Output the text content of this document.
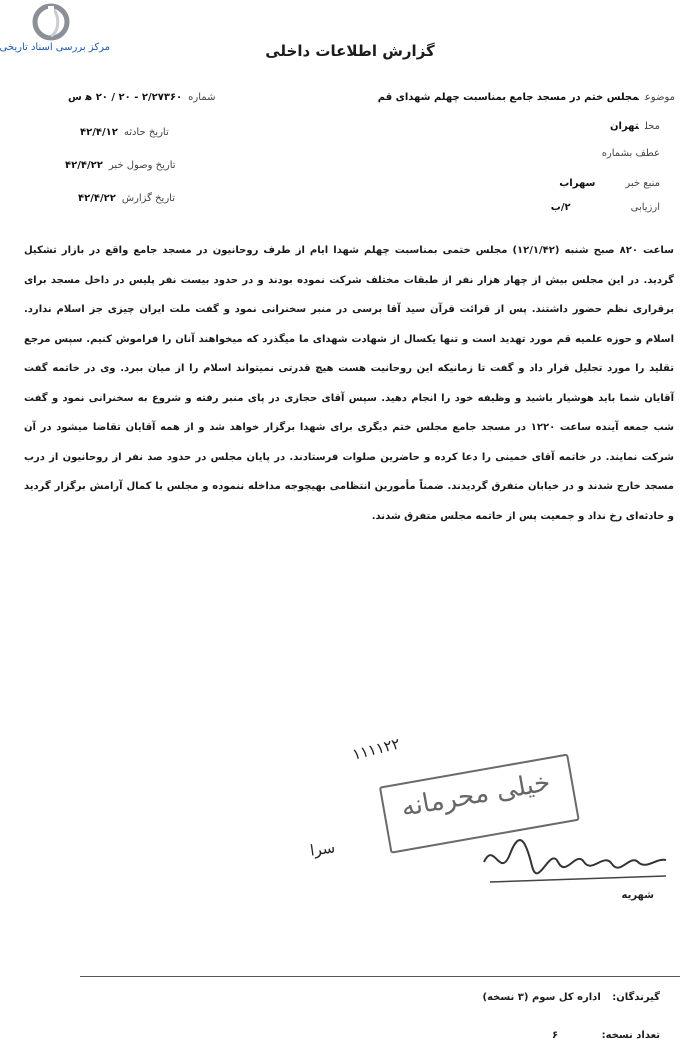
مرکز بررسی اسناد تاریخی	گزارش اطلاعات داخلی
شماره۲/۲۷۳۶۰ - ۲۰ / ۲۰ ه‍ س
تاریخ حادثه۴۲/۴/۱۲
تاریخ وصول خبر۴۲/۴/۲۲
تاریخ گزارش۴۲/۴/۲۲
موضوعمجلس ختم در مسجد جامع بمناسبت چهلم شهدای قم
محلتهران
عطف بشماره
منبع خبرسهراب
ارزیابی۲/ب
ساعت ۸۲۰ صبح شنبه (۱۲/۱/۴۲) مجلس ختمی بمناسبت چهلم شهدا ایام از طرف روحانیون در مسجد جامع واقع در بازار تشکیل گردید. در این مجلس بیش از چهار هزار نفر از طبقات مختلف شرکت نموده بودند و در حدود بیست نفر پلیس در داخل مسجد برای برقراری نظم حضور داشتند. پس از قرائت قرآن سید آقا برسی در منبر سخنرانی نمود و گفت ملت ایران چیزی جز اسلام ندارد. اسلام و حوزه علمیه قم مورد تهدید است و تنها یکسال از شهادت شهدای ما میگذرد که میخواهند آنان را فراموش کنیم. سپس مرجع تقلید را مورد تجلیل قرار داد و گفت تا زمانیکه این روحانیت هست هیچ قدرتی نمیتواند اسلام را از میان ببرد. وی در خاتمه گفت آقایان شما باید هوشیار باشید و وظیفه خود را انجام دهید. سپس آقای حجازی در پای منبر رفته و شروع به سخنرانی نمود و گفت شب جمعه آینده ساعت ۱۲۲۰ در مسجد جامع مجلس ختم دیگری برای شهدا برگزار خواهد شد و از همه آقایان تقاضا میشود در آن شرکت نمایند. در خاتمه آقای خمینی را دعا کرده و حاضرین صلوات فرستادند. در پایان مجلس در حدود صد نفر از روحانیون از درب مسجد خارج شدند و در خیابان متفرق گردیدند. ضمناً مأمورین انتظامی بهیچوجه مداخله ننموده و مجلس با کمال آرامش برگزار گردید و حادثه‌ای رخ نداد و جمعیت پس از خاتمه مجلس متفرق شدند.
۱۱۱۱۲۲
سرا
خیلی محرمانه
شهریه
گیرندگان: اداره کل سوم (۳ نسخه)
تعداد نسخه: ۶
